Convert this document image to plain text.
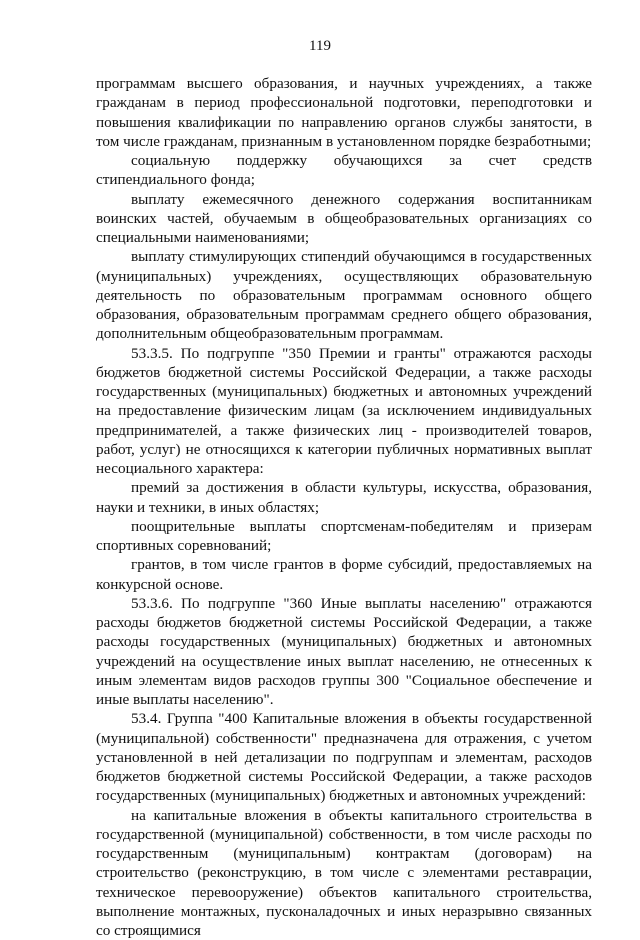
119

программам высшего образования, и научных учреждениях, а также гражданам в период профессиональной подготовки, переподготовки и повышения квалификации по направлению органов службы занятости, в том числе гражданам, признанным в установленном порядке безработными;

социальную поддержку обучающихся за счет средств стипендиального фонда;

выплату ежемесячного денежного содержания воспитанникам воинских частей, обучаемым в общеобразовательных организациях со специальными наименованиями;

выплату стимулирующих стипендий обучающимся в государственных (муниципальных) учреждениях, осуществляющих образовательную деятельность по образовательным программам основного общего образования, образовательным программам среднего общего образования, дополнительным общеобразовательным программам.

53.3.5. По подгруппе "350 Премии и гранты" отражаются расходы бюджетов бюджетной системы Российской Федерации, а также расходы государственных (муниципальных) бюджетных и автономных учреждений на предоставление физическим лицам (за исключением индивидуальных предпринимателей, а также физических лиц - производителей товаров, работ, услуг) не относящихся к категории публичных нормативных выплат несоциального характера:

премий за достижения в области культуры, искусства, образования, науки и техники, в иных областях;

поощрительные выплаты спортсменам-победителям и призерам спортивных соревнований;

грантов, в том числе грантов в форме субсидий, предоставляемых на конкурсной основе.

53.3.6. По подгруппе "360 Иные выплаты населению" отражаются расходы бюджетов бюджетной системы Российской Федерации, а также расходы государственных (муниципальных) бюджетных и автономных учреждений на осуществление иных выплат населению, не отнесенных к иным элементам видов расходов группы 300 "Социальное обеспечение и иные выплаты населению".

53.4. Группа "400 Капитальные вложения в объекты государственной (муниципальной) собственности" предназначена для отражения, с учетом установленной в ней детализации по подгруппам и элементам, расходов бюджетов бюджетной системы Российской Федерации, а также расходов государственных (муниципальных) бюджетных и автономных учреждений:

на капитальные вложения в объекты капитального строительства в государственной (муниципальной) собственности, в том числе расходы по государственным (муниципальным) контрактам (договорам) на строительство (реконструкцию, в том числе с элементами реставрации, техническое перевооружение) объектов капитального строительства, выполнение монтажных, пусконаладочных и иных неразрывно связанных со строящимися
